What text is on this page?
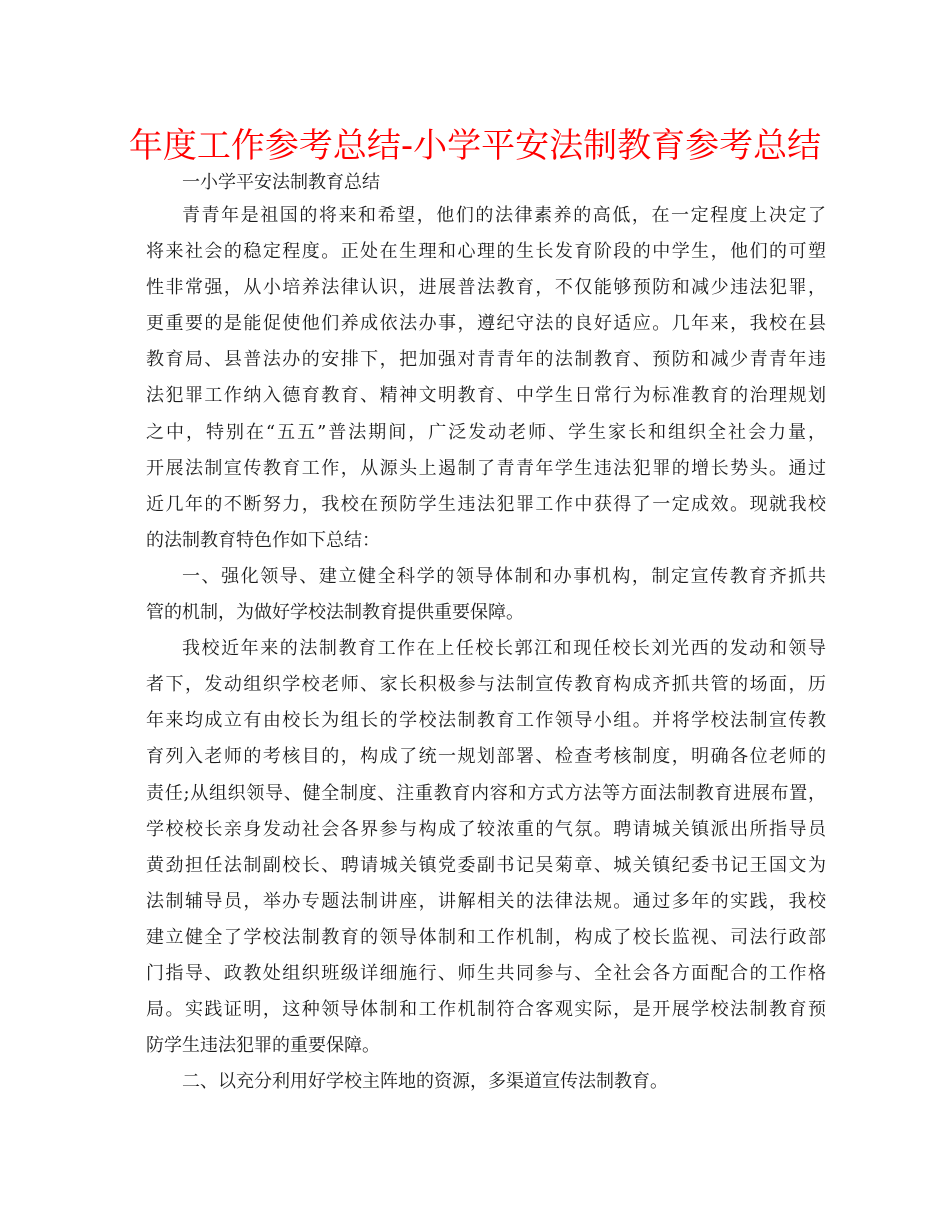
年度工作参考总结-小学平安法制教育参考总结
一小学平安法制教育总结
青青年是祖国的将来和希望，他们的法律素养的高低，在一定程度上决定了
将来社会的稳定程度。正处在生理和心理的生长发育阶段的中学生，他们的可塑
性非常强，从小培养法律认识，进展普法教育，不仅能够预防和减少违法犯罪，
更重要的是能促使他们养成依法办事，遵纪守法的良好适应。几年来，我校在县
教育局、县普法办的安排下，把加强对青青年的法制教育、预防和减少青青年违
法犯罪工作纳入德育教育、精神文明教育、中学生日常行为标准教育的治理规划
之中，特别在“五五”普法期间，广泛发动老师、学生家长和组织全社会力量，
开展法制宣传教育工作，从源头上遏制了青青年学生违法犯罪的增长势头。通过
近几年的不断努力，我校在预防学生违法犯罪工作中获得了一定成效。现就我校
的法制教育特色作如下总结：
一、强化领导、建立健全科学的领导体制和办事机构，制定宣传教育齐抓共
管的机制，为做好学校法制教育提供重要保障。
我校近年来的法制教育工作在上任校长郭江和现任校长刘光西的发动和领导
者下，发动组织学校老师、家长积极参与法制宣传教育构成齐抓共管的场面，历
年来均成立有由校长为组长的学校法制教育工作领导小组。并将学校法制宣传教
育列入老师的考核目的，构成了统一规划部署、检查考核制度，明确各位老师的
责任;从组织领导、健全制度、注重教育内容和方式方法等方面法制教育进展布置，
学校校长亲身发动社会各界参与构成了较浓重的气氛。聘请城关镇派出所指导员
黄劲担任法制副校长、聘请城关镇党委副书记吴菊章、城关镇纪委书记王国文为
法制辅导员，举办专题法制讲座，讲解相关的法律法规。通过多年的实践，我校
建立健全了学校法制教育的领导体制和工作机制，构成了校长监视、司法行政部
门指导、政教处组织班级详细施行、师生共同参与、全社会各方面配合的工作格
局。实践证明，这种领导体制和工作机制符合客观实际，是开展学校法制教育预
防学生违法犯罪的重要保障。
二、以充分利用好学校主阵地的资源，多渠道宣传法制教育。
